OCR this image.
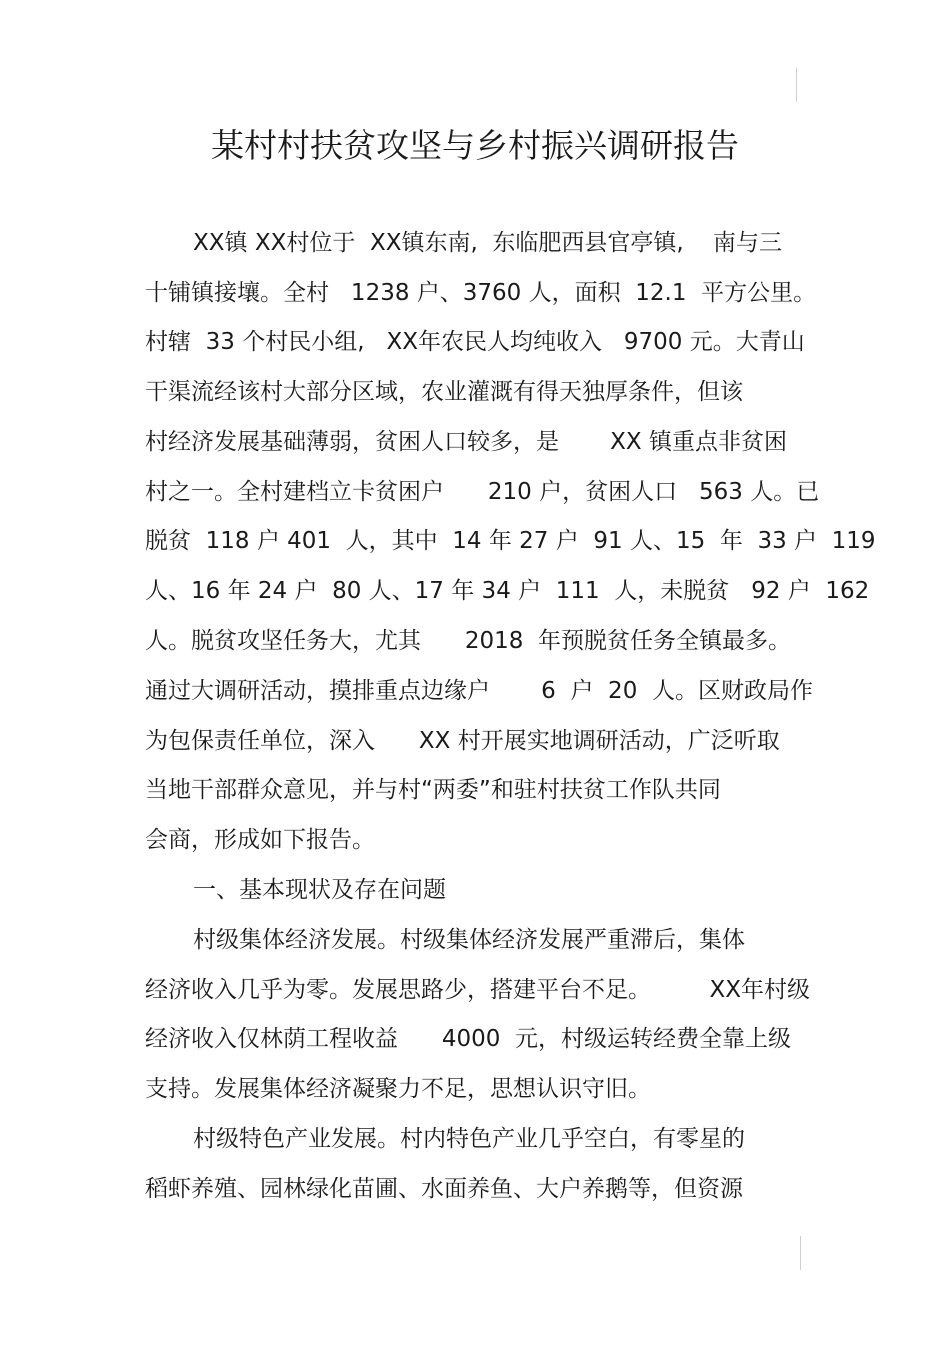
某村村扶贫攻坚与乡村振兴调研报告
XX镇 XX村位于  XX镇东南,  东临肥西县官亭镇,    南与三
十铺镇接壤。全村   1238 户、3760 人，面积  12.1  平方公里。
村辖  33 个村民小组,   XX年农民人均纯收入   9700 元。大青山
干渠流经该村大部分区域，农业灌溉有得天独厚条件，但该
村经济发展基础薄弱，贫困人口较多，是       XX 镇重点非贫困
村之一。全村建档立卡贫困户      210 户，贫困人口   563 人。已
脱贫  118 户 401  人，其中  14 年 27 户  91 人、15  年  33 户  119
人、16 年 24 户  80 人、17 年 34 户  111  人，未脱贫   92 户  162
人。脱贫攻坚任务大，尤其      2018  年预脱贫任务全镇最多。
通过大调研活动，摸排重点边缘户       6  户  20  人。区财政局作
为包保责任单位，深入      XX 村开展实地调研活动，广泛听取
当地干部群众意见，并与村“两委”和驻村扶贫工作队共同
会商，形成如下报告。
一、基本现状及存在问题
村级集体经济发展。村级集体经济发展严重滞后，集体
经济收入几乎为零。发展思路少，搭建平台不足。        XX年村级
经济收入仅林荫工程收益      4000  元，村级运转经费全靠上级
支持。发展集体经济凝聚力不足，思想认识守旧。
村级特色产业发展。村内特色产业几乎空白，有零星的
稻虾养殖、园林绿化苗圃、水面养鱼、大户养鹅等，但资源
